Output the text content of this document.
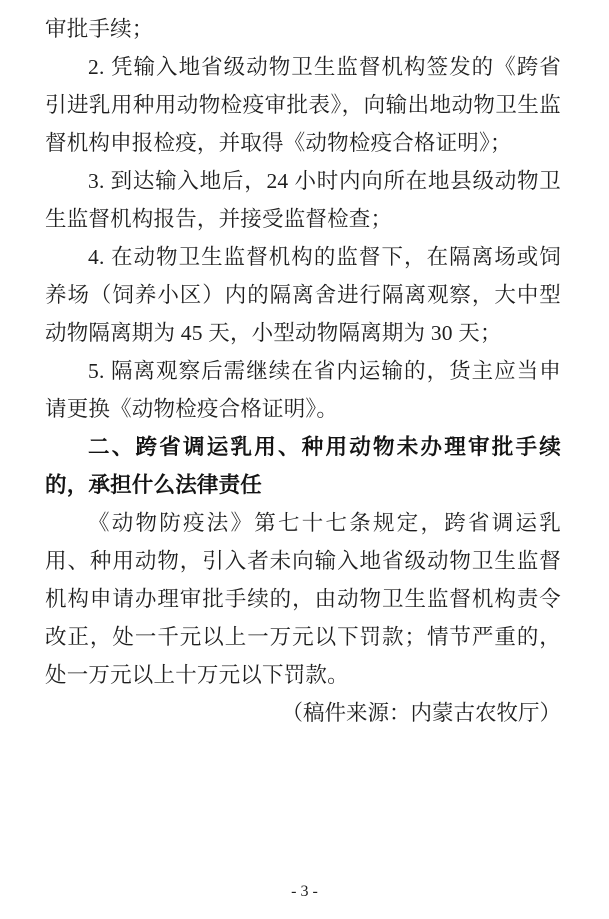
审批手续；

2. 凭输入地省级动物卫生监督机构签发的《跨省引进乳用种用动物检疫审批表》，向输出地动物卫生监督机构申报检疫，并取得《动物检疫合格证明》；

3. 到达输入地后，24 小时内向所在地县级动物卫生监督机构报告，并接受监督检查；

4. 在动物卫生监督机构的监督下，在隔离场或饲养场（饲养小区）内的隔离舍进行隔离观察，大中型动物隔离期为 45 天，小型动物隔离期为 30 天；

5. 隔离观察后需继续在省内运输的，货主应当申请更换《动物检疫合格证明》。

二、跨省调运乳用、种用动物未办理审批手续的，承担什么法律责任

《动物防疫法》第七十七条规定，跨省调运乳用、种用动物，引入者未向输入地省级动物卫生监督机构申请办理审批手续的，由动物卫生监督机构责令改正，处一千元以上一万元以下罚款；情节严重的，处一万元以上十万元以下罚款。

（稿件来源：内蒙古农牧厅）

- 3 -
